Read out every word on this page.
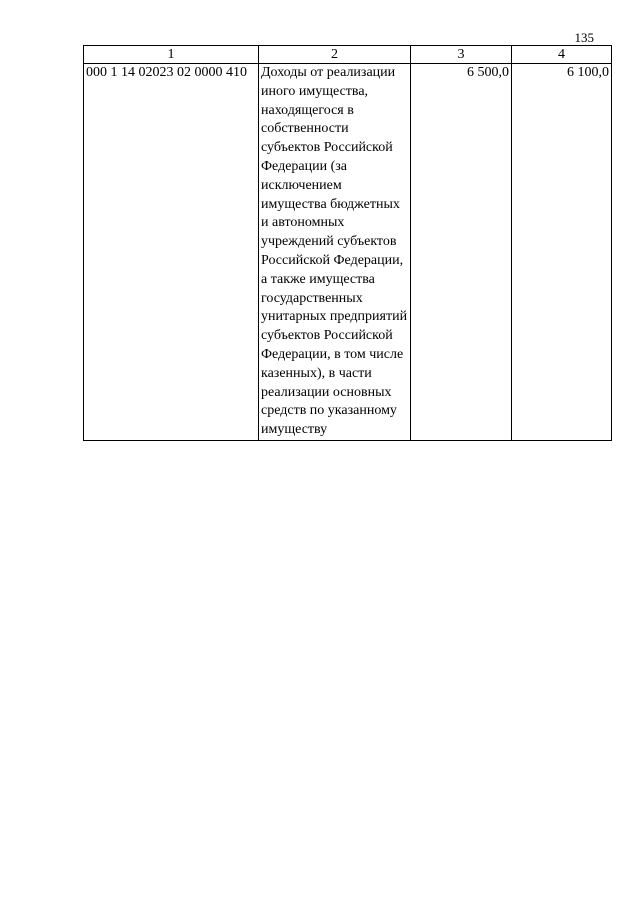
135
1	2	3	4
000 1 14 02023 02 0000 410	Доходы от реализации иного имущества, находящегося в собственности субъектов Российской Федерации (за исключением имущества бюджетных и автономных учреждений субъектов Российской Федерации, а также имущества государственных унитарных предприятий субъектов Российской Федерации, в том числе казенных), в части реализации основных средств по указанному имуществу	6 500,0	6 100,0
